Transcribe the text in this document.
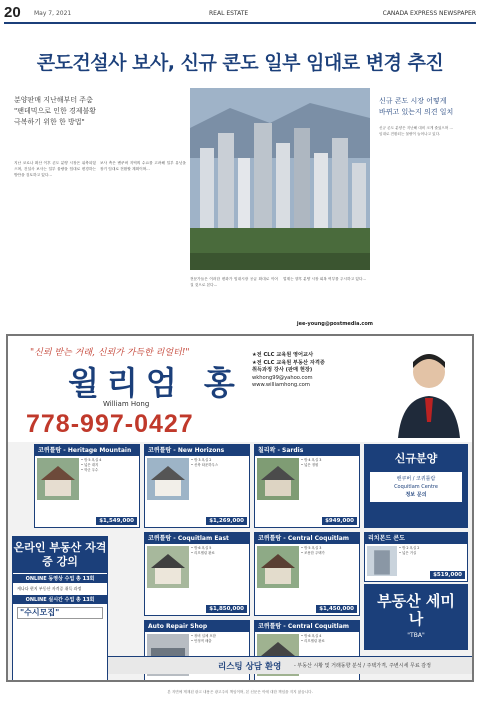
20 May 7, 2021	REAL ESTATE	CANADA EXPRESS NEWSPAPER
콘도건설사 보사, 신규 콘도 일부 임대로 변경 추진
분양판매 지난해부터 주춤
"팬데믹으로 인한 경제불황
극복하기 위한 한 방법"
신규 콘도 시장 어떻게
바뀌고 있는지 의견 일치
신규 콘도 분양은 지난해 대비 크게 줄었으며 ...
임대로 전환되는 물량이 늘어나고 있다.
지난 코로나 확산 이후 콘도 분양 시장은 위축되었으며, 건설사 보사는 일부 물량을 임대로 변경하는 방안을 검토하고 있다...
보사 측은 밴쿠버 지역의 수요를 고려해 일부 유닛을 장기 임대로 전환할 계획이며...
전문가들은 이러한 변화가 임대시장 공급 확대로 이어질 것으로 본다...
업계는 향후 분양 시장 회복 여부를 주시하고 있다...
jee-young@postmedia.com
"신뢰 받는 거래, 신뢰가 가득한 리얼터!"
윌리엄 홍
William Hong
778-997-0427
★전 CLC 교육원 영어교사
★전 CLC 교육원 부동산 자격증
취득과정 강사 (판매 현장)
wkhong99@yahoo.com
www.williamhong.com
코퀴틀람 - Heritage Mountain
• 방 5 욕실 4
• 넓은 대지
• 학군 우수
$1,549,000
코퀴틀람 - New Horizons
• 방 3 욕실 2
• 신축 타운하우스
$1,269,000
칠리왁 - Sardis
• 방 4 욕실 3
• 넓은 정원
$949,000
신규분양
밴쿠버 / 코퀴틀람
Coquitlam Centre
정보 문의
코퀴틀람 - Coquitlam East
• 방 6 욕실 5
• 리모델링 완료
$1,850,000
코퀴틀람 - Central Coquitlam
• 방 5 욕실 3
• 조용한 주택가
$1,450,000
리치몬드 콘도
• 방 2 욕실 2
• 넓은 거실
$519,000
부동산 세미나
"TBA"
Auto Repair Shop
• 장비 일체 포함
• 안정적 매출
코퀴틀람 - Central Coquitlam
• 방 6 욕실 4
• 리모델링 완료
온라인 부동산 자격증 강의
ONLINE 동영상 수업 총 13회
캐나다 현지 부동산 자격증 취득 과정
ONLINE 실시간 수업 총 13회
"수시모집"
리스팅 상담 환영	- 부동산 시황 및 거래동향 분석 / 주택가격, 주변시세 무료 감정
본 지면에 게재된 광고 내용은 광고주의 책임이며, 본 신문은 이에 대한 책임을 지지 않습니다.
